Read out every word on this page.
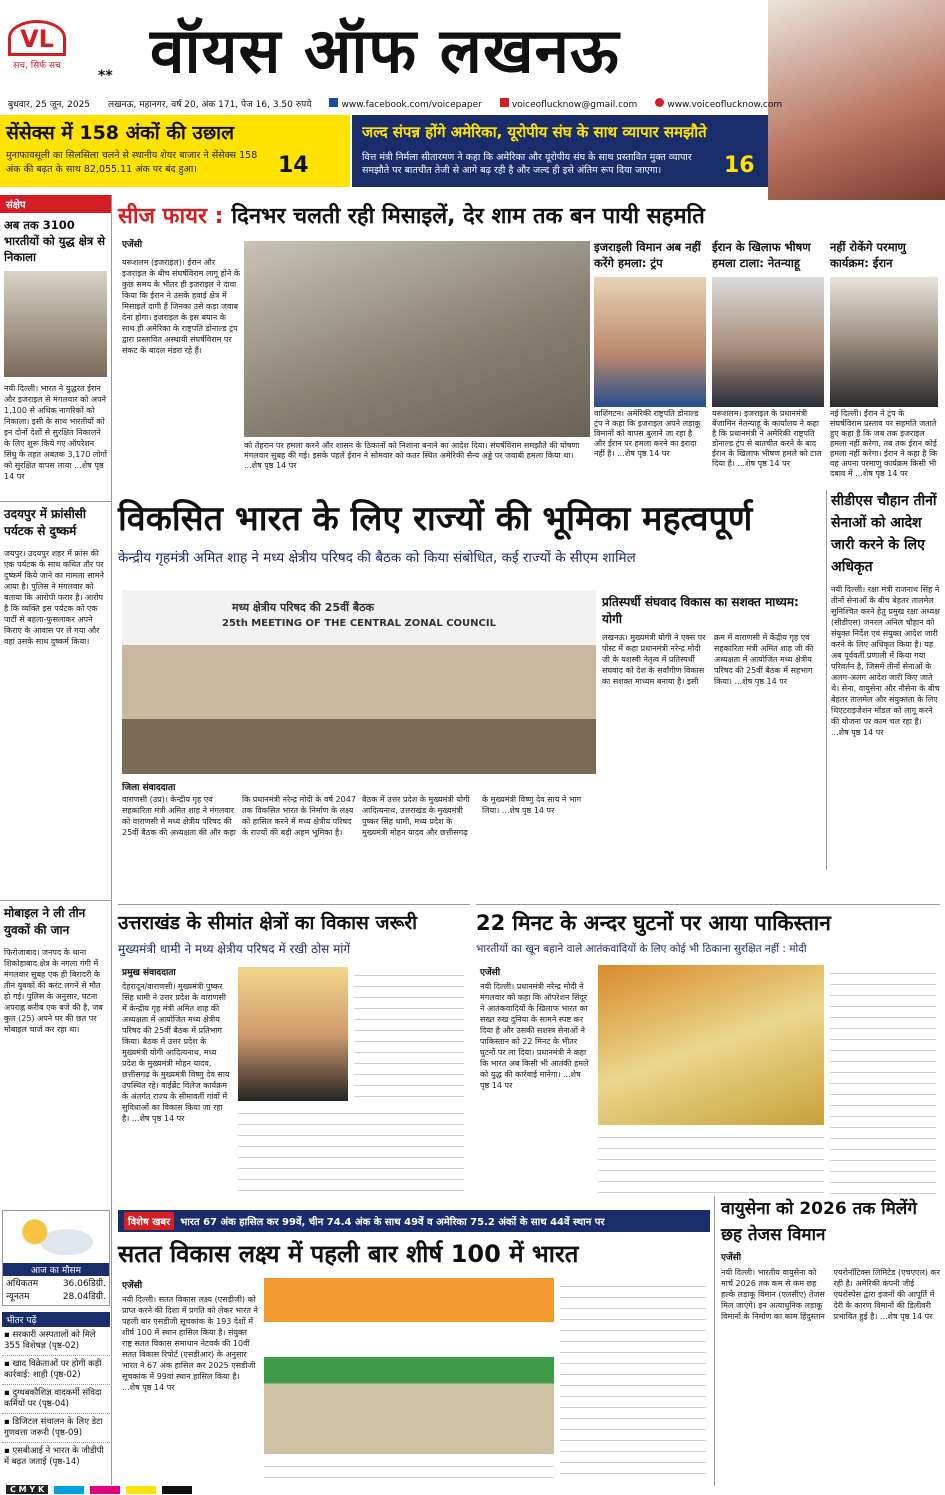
VL
सच, सिर्फ सच
** वॉयस ऑफ लखनऊ
बुधवार, 25 जून, 2025 लखनऊ, महानगर, वर्ष 20, अंक 171, पेज 16, 3.50 रुपये	www.facebook.com/voicepaper	voiceoflucknow@gmail.com	www.voiceoflucknow.com
सेंसेक्स में 158 अंकों की उछाल
मुनाफावसूली का सिलसिला चलने से स्थानीय शेयर बाजार ने सेंसेक्स 158 अंक की बढ़त के साथ 82,055.11 अंक पर बंद हुआ।	14
जल्द संपन्न होंगे अमेरिका, यूरोपीय संघ के साथ व्यापार समझौते
वित्त मंत्री निर्मला सीतारमण ने कहा कि अमेरिका और यूरोपीय संघ के साथ प्रस्तावित मुक्त व्यापार समझौते पर बातचीत तेजी से आगे बढ़ रही है और जल्द ही इसे अंतिम रूप दिया जाएगा।	16
संक्षेप
अब तक 3100 भारतीयों को युद्ध क्षेत्र से निकाला
नयी दिल्ली। भारत ने युद्धरत ईरान और इजराइल से मंगलवार को अपने 1,100 से अधिक नागरिकों को निकाला। इसी के साथ भारतीयों को इन दोनों देशों से सुरक्षित निकालने के लिए शुरू किये गए ऑपरेशन सिंधु के तहत अबतक 3,170 लोगों को सुरक्षित वापस लाया ...शेष पृष्ठ 14 पर
उदयपुर में फ्रांसीसी पर्यटक से दुष्कर्म
जयपुर। उदयपुर शहर में फ्रांस की एक पर्यटक के साथ कथित तौर पर दुष्कर्म किये जाने का मामला सामने आया है। पुलिस ने मंगलवार को बताया कि आरोपी फरार है। आरोप है कि व्यक्ति इस पर्यटक को एक पार्टी से बहला-फुसलाकर अपने किराए के आवास पर ले गया और वहां उसके साथ दुष्कर्म किया।
मोबाइल ने ली तीन युवकों की जान
फिरोजाबाद। जनपद के थाना शिकोहाबाद क्षेत्र के नगला गंगी में मंगलवार सुबह एक ही बिरादरी के तीन युवकों की करंट लगने से मौत हो गई। पुलिस के अनुसार, घटना अपराह्न करीब एक बजे की है, जब कुल (25) अपने घर की छत पर मोबाइल चार्ज कर रहा था।
आज का मौसम
अधिकतम	36.06डिग्री.
न्यूनतम	28.04डिग्री.
भीतर पढ़ें
▪ सरकारी अस्पतालों को मिले 355 विशेषज्ञ (पृष्ठ-02)
▪ खाद विक्रेताओं पर होगी कड़ी कार्रवाई: शाही (पृष्ठ-02)
▪ दुग्धबकौशिज्ञ वादकर्मी संविदा कर्मियों पर (पृष्ठ-04)
▪ डिजिटल संचालन के लिए डेटा गुणवत्ता जरूरी (पृष्ठ-09)
▪ एसबीआई ने भारत के जीडीपी में बढ़त जताई (पृष्ठ-14)
सीज फायर : दिनभर चलती रही मिसाइलें, देर शाम तक बन पायी सहमति
एजेंसी
यरूशलम (इजराइल)। ईरान और इजराइल के बीच संघर्षविराम लागू होने के कुछ समय के भीतर ही इजराइल ने दावा किया कि ईरान ने उसके हवाई क्षेत्र में मिसाइलें दागी हैं जिनका उसे कड़ा जवाब देना होगा। इजराइल के इस बयान के साथ ही अमेरिका के राष्ट्रपति डोनाल्ड ट्रंप द्वारा प्रस्तावित अस्थायी संघर्षविराम पर संकट के बादल मंडरा रहे हैं।
को तेहरान पर हमला करने और शासन के ठिकानों को निशाना बनाने का आदेश दिया। संघर्षविराम समझौते की घोषणा मंगलवार सुबह की गई। इसके पहले ईरान ने सोमवार को कतर स्थित अमेरिकी सैन्य अड्डे पर जवाबी हमला किया था। ...शेष पृष्ठ 14 पर
इजराइली विमान अब नहीं करेंगे हमला: ट्रंप
वाशिंगटन। अमेरिकी राष्ट्रपति डोनाल्ड ट्रंप ने कहा कि इजराइल अपने लड़ाकू विमानों को वापस बुलाने जा रहा है और ईरान पर हमला करने का इरादा नहीं है। ...शेष पृष्ठ 14 पर
ईरान के खिलाफ भीषण हमला टाला: नेतन्याहू
यरूशलम। इजराइल के प्रधानमंत्री बेंजामिन नेतन्याहू के कार्यालय ने कहा है कि प्रधानमंत्री ने अमेरिकी राष्ट्रपति डोनाल्ड ट्रंप से बातचीत करने के बाद ईरान के खिलाफ भीषण हमले को टाल दिया है। ...शेष पृष्ठ 14 पर
नहीं रोकेंगे परमाणु कार्यक्रम: ईरान
नई दिल्ली। ईरान ने ट्रंप के संघर्षविराम प्रस्ताव पर सहमति जताते हुए कहा है कि जब तक इजराइल हमला नहीं करेगा, तब तक ईरान कोई हमला नहीं करेगा। ईरान ने कहा है कि वह अपना परमाणु कार्यक्रम किसी भी दबाव में ...शेष पृष्ठ 14 पर
सीडीएस चौहान तीनों सेनाओं को आदेश जारी करने के लिए अधिकृत
नयी दिल्ली। रक्षा मंत्री राजनाथ सिंह ने तीनों सेनाओं के बीच बेहतर तालमेल सुनिश्चित करने हेतु प्रमुख रक्षा अध्यक्ष (सीडीएस) जनरल अनिल चौहान को संयुक्त निर्देश एवं संयुक्त आदेश जारी करने के लिए अधिकृत किया है। यह अब पूर्ववर्ती प्रणाली में किया गया परिवर्तन है, जिसमें तीनों सेनाओं के अलग-अलग आदेश जारी किए जाते थे। सेना, वायुसेना और नौसेना के बीच बेहतर तालमेल और संयुक्तता के लिए थिएटराइजेशन मॉडल को लागू करने की योजना पर काम चल रहा है। ...शेष पृष्ठ 14 पर
विकसित भारत के लिए राज्यों की भूमिका महत्वपूर्ण
केन्द्रीय गृहमंत्री अमित शाह ने मध्य क्षेत्रीय परिषद की बैठक को किया संबोधित, कई राज्यों के सीएम शामिल
मध्य क्षेत्रीय परिषद की 25वीं बैठक
25th MEETING OF THE CENTRAL ZONAL COUNCIL
जिला संवाददाता
वाराणसी (उप्र)। केन्द्रीय गृह एवं सहकारिता मंत्री अमित शाह ने मंगलवार को वाराणसी में मध्य क्षेत्रीय परिषद की 25वीं बैठक की अध्यक्षता की और कहा कि प्रधानमंत्री नरेन्द्र मोदी के वर्ष 2047 तक विकसित भारत के निर्माण के लक्ष्य को हासिल करने में मध्य क्षेत्रीय परिषद के राज्यों की बड़ी अहम भूमिका है। बैठक में उत्तर प्रदेश के मुख्यमंत्री योगी आदित्यनाथ, उत्तराखंड के मुख्यमंत्री पुष्कर सिंह धामी, मध्य प्रदेश के मुख्यमंत्री मोहन यादव और छत्तीसगढ़ के मुख्यमंत्री विष्णु देव साय ने भाग लिया। ...शेष पृष्ठ 14 पर
प्रतिस्पर्धी संघवाद विकास का सशक्त माध्यम: योगी
लखनऊ। मुख्यमंत्री योगी ने एक्स पर पोस्ट में कहा प्रधानमंत्री नरेन्द्र मोदी जी के यशस्वी नेतृत्व में प्रतिस्पर्धी संघवाद को देश के सर्वांगीण विकास का सशक्त माध्यम बनाया है। इसी क्रम में वाराणसी में केंद्रीय गृह एवं सहकारिता मंत्री अमित शाह जी की अध्यक्षता में आयोजित मध्य क्षेत्रीय परिषद की 25वीं बैठक में सहभाग किया। ...शेष पृष्ठ 14 पर
उत्तराखंड के सीमांत क्षेत्रों का विकास जरूरी
मुख्यमंत्री धामी ने मध्य क्षेत्रीय परिषद में रखी ठोस मांगें
प्रमुख संवाददाता
देहरादून/वाराणसी। मुख्यमंत्री पुष्कर सिंह धामी ने उत्तर प्रदेश के वाराणसी में केन्द्रीय गृह मंत्री अमित शाह की अध्यक्षता में आयोजित मध्य क्षेत्रीय परिषद की 25वीं बैठक में प्रतिभाग किया। बैठक में उत्तर प्रदेश के मुख्यमंत्री योगी आदित्यनाथ, मध्य प्रदेश के मुख्यमंत्री मोहन यादव, छत्तीसगढ़ के मुख्यमंत्री विष्णु देव साय उपस्थित रहे। वाईब्रेंट विलेज कार्यक्रम के अंतर्गत राज्य के सीमावर्ती गांवों में सुविधाओं का विकास किया जा रहा है। ...शेष पृष्ठ 14 पर
22 मिनट के अन्दर घुटनों पर आया पाकिस्तान
भारतीयों का खून बहाने वाले आतंकवादियों के लिए कोई भी ठिकाना सुरक्षित नहीं : मोदी
एजेंसी
नयी दिल्ली। प्रधानमंत्री नरेन्द्र मोदी ने मंगलवार को कहा कि ऑपरेशन सिंदूर ने आतंकवादियों के खिलाफ भारत का सख्त रुख दुनिया के सामने स्पष्ट कर दिया है और उसकी सशस्त्र सेनाओं ने पाकिस्तान को 22 मिनट के भीतर घुटनों पर ला दिया। प्रधानमंत्री ने कहा कि भारत अब किसी भी आतंकी हमले को युद्ध की कार्रवाई मानेगा। ...शेष पृष्ठ 14 पर
विशेष खबर	भारत 67 अंक हासिल कर 99वें, चीन 74.4 अंक के साथ 49वें व अमेरिका 75.2 अंकों के साथ 44वें स्थान पर
सतत विकास लक्ष्य में पहली बार शीर्ष 100 में भारत
एजेंसी
नयी दिल्ली। सतत विकास लक्ष्य (एसडीजी) को प्राप्त करने की दिशा में प्रगति को लेकर भारत ने पहली बार एसडीजी सूचकांक के 193 देशों में शीर्ष 100 में स्थान हासिल किया है। संयुक्त राष्ट्र सतत विकास समाधान नेटवर्क की 10वीं सतत विकास रिपोर्ट (एसडीआर) के अनुसार भारत ने 67 अंक हासिल कर 2025 एसडीजी सूचकांक में 99वां स्थान हासिल किया है। ...शेष पृष्ठ 14 पर
वायुसेना को 2026 तक मिलेंगे छह तेजस विमान
एजेंसी
नयी दिल्ली। भारतीय वायुसेना को मार्च 2026 तक कम से कम छह हल्के लड़ाकू विमान (एलसीए) तेजस मिल जाएंगे। इन अत्याधुनिक लड़ाकू विमानों के निर्माण का काम हिंदुस्तान एयरोनॉटिक्स लिमिटेड (एचएएल) कर रही है। अमेरिकी कंपनी जीई एयरोस्पेस द्वारा इंजनों की आपूर्ति में देरी के कारण विमानों की डिलीवरी प्रभावित हुई है। ...शेष पृष्ठ 14 पर
C M Y K
